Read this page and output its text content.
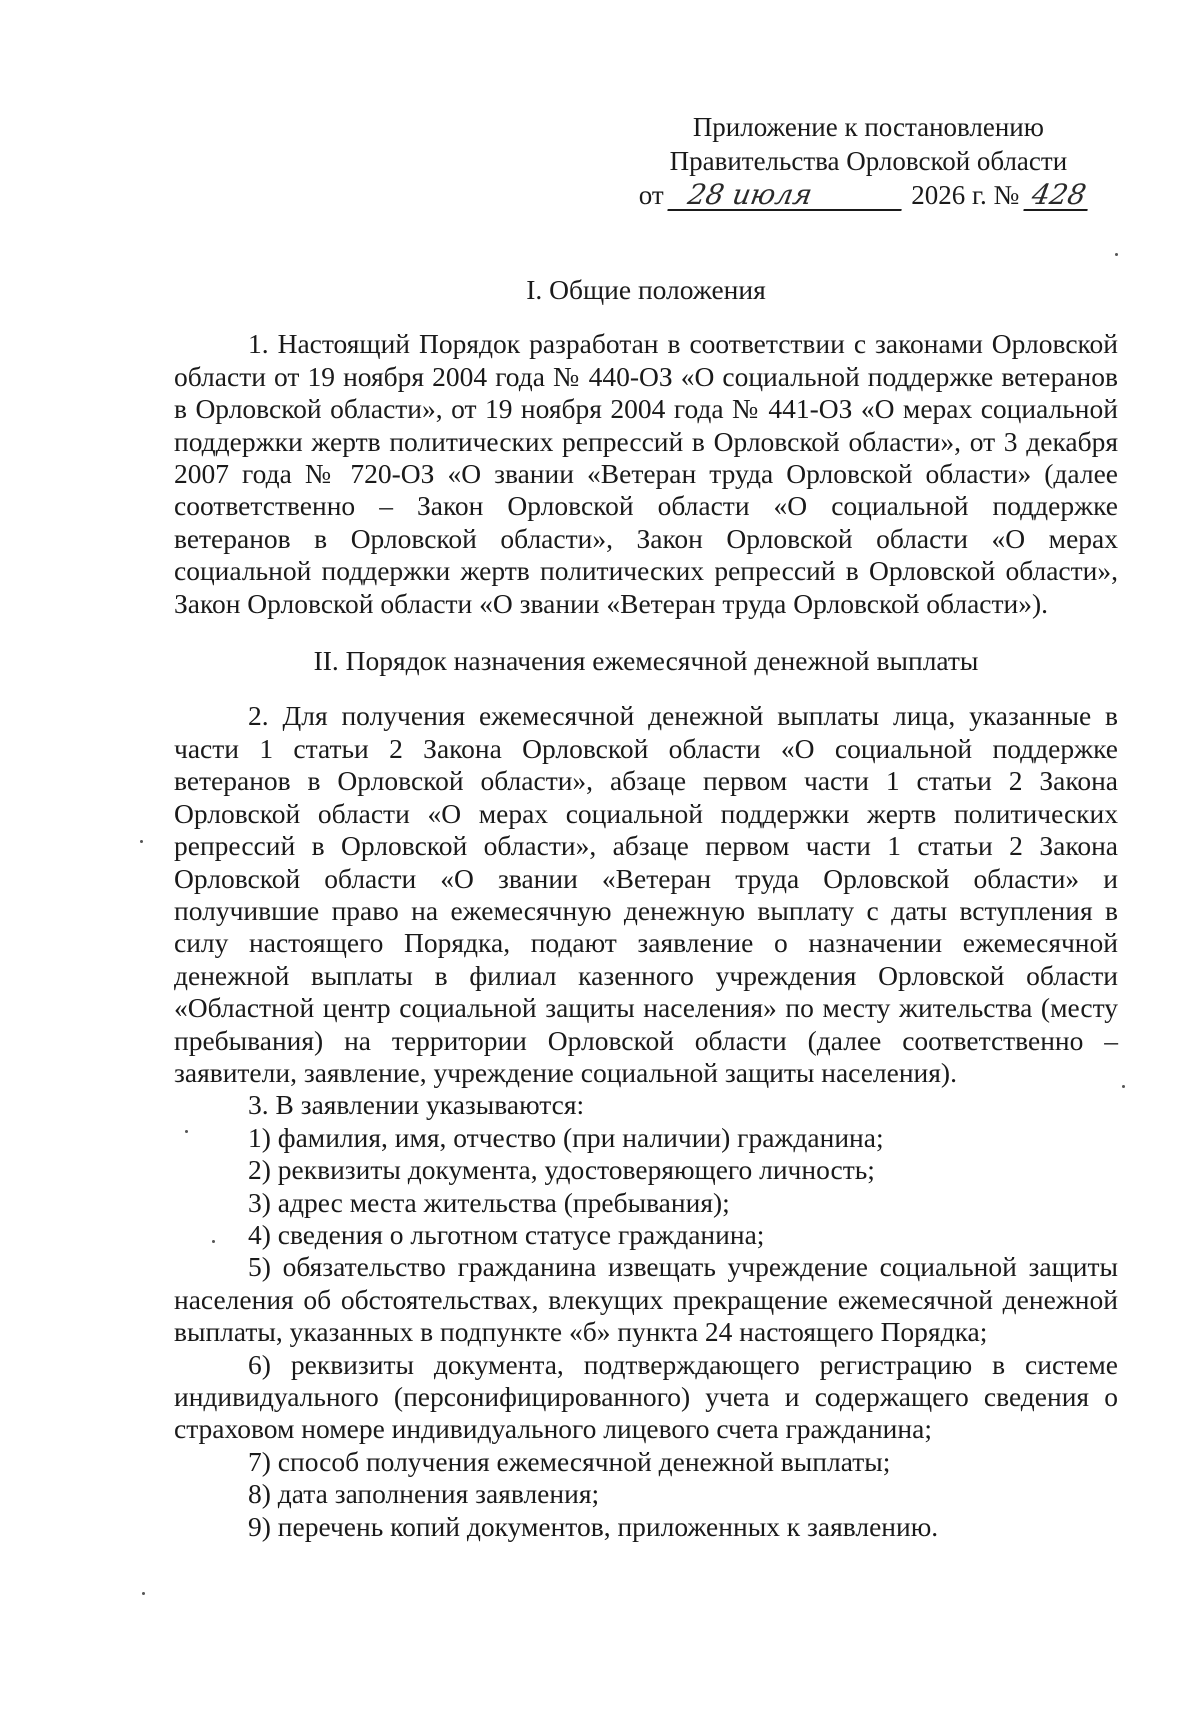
Приложение к постановлению
Правительства Орловской области
от 28 июля	2026 г. № 428

I. Общие положения

1. Настоящий Порядок разработан в соответствии с законами Орловской области от 19 ноября 2004 года № 440-ОЗ «О социальной поддержке ветеранов в Орловской области», от 19 ноября 2004 года № 441-ОЗ «О мерах социальной поддержки жертв политических репрессий в Орловской области», от 3 декабря 2007 года № 720-ОЗ «О звании «Ветеран труда Орловской области» (далее соответственно – Закон Орловской области «О социальной поддержке ветеранов в Орловской области», Закон Орловской области «О мерах социальной поддержки жертв политических репрессий в Орловской области», Закон Орловской области «О звании «Ветеран труда Орловской области»).

II. Порядок назначения ежемесячной денежной выплаты

2. Для получения ежемесячной денежной выплаты лица, указанные в части 1 статьи 2 Закона Орловской области «О социальной поддержке ветеранов в Орловской области», абзаце первом части 1 статьи 2 Закона Орловской области «О мерах социальной поддержки жертв политических репрессий в Орловской области», абзаце первом части 1 статьи 2 Закона Орловской области «О звании «Ветеран труда Орловской области» и получившие право на ежемесячную денежную выплату с даты вступления в силу настоящего Порядка, подают заявление о назначении ежемесячной денежной выплаты в филиал казенного учреждения Орловской области «Областной центр социальной защиты населения» по месту жительства (месту пребывания) на территории Орловской области (далее соответственно – заявители, заявление, учреждение социальной защиты населения).

3. В заявлении указываются:

1) фамилия, имя, отчество (при наличии) гражданина;

2) реквизиты документа, удостоверяющего личность;

3) адрес места жительства (пребывания);

4) сведения о льготном статусе гражданина;

5) обязательство гражданина извещать учреждение социальной защиты населения об обстоятельствах, влекущих прекращение ежемесячной денежной выплаты, указанных в подпункте «б» пункта 24 настоящего Порядка;

6) реквизиты документа, подтверждающего регистрацию в системе индивидуального (персонифицированного) учета и содержащего сведения о страховом номере индивидуального лицевого счета гражданина;

7) способ получения ежемесячной денежной выплаты;

8) дата заполнения заявления;

9) перечень копий документов, приложенных к заявлению.
